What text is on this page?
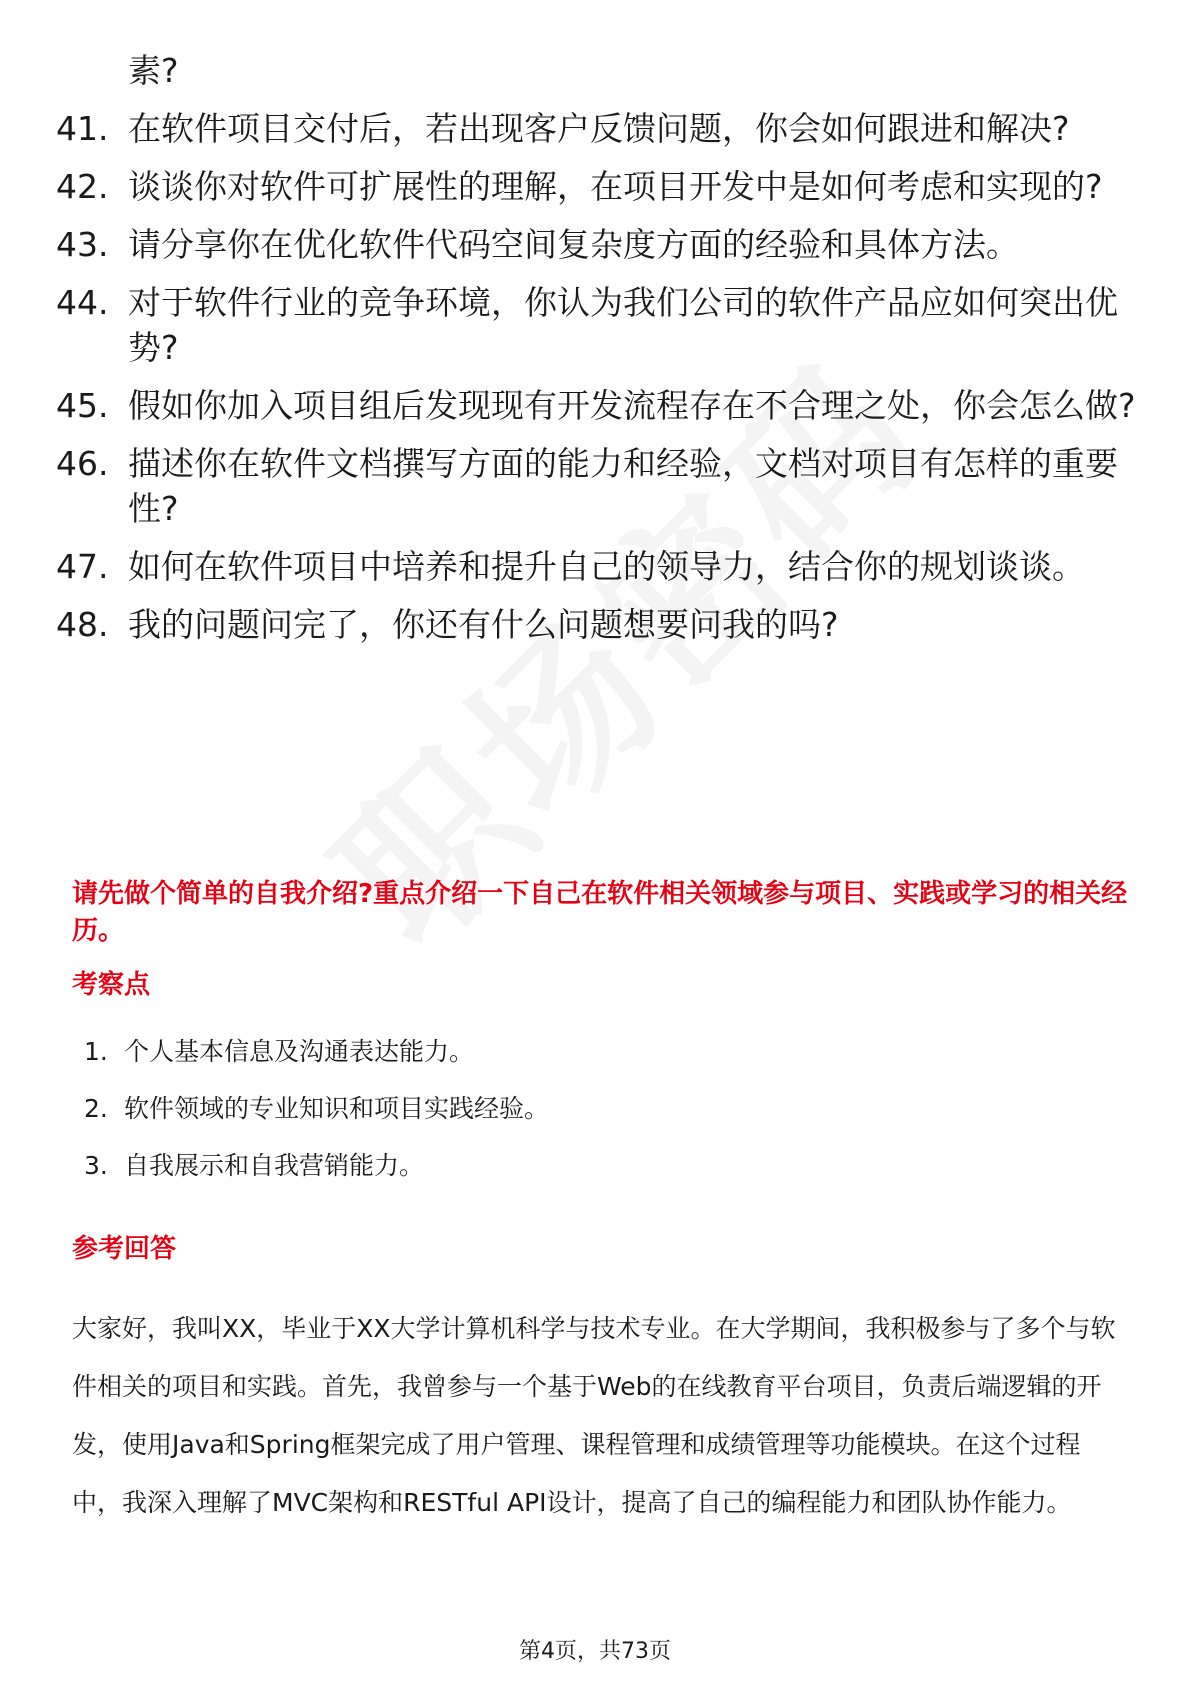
素?
41. 在软件项目交付后，若出现客户反馈问题，你会如何跟进和解决?
42. 谈谈你对软件可扩展性的理解，在项目开发中是如何考虑和实现的?
43. 请分享你在优化软件代码空间复杂度方面的经验和具体方法。
44. 对于软件行业的竞争环境，你认为我们公司的软件产品应如何突出优势?
45. 假如你加入项目组后发现现有开发流程存在不合理之处，你会怎么做?
46. 描述你在软件文档撰写方面的能力和经验，文档对项目有怎样的重要性?
47. 如何在软件项目中培养和提升自己的领导力，结合你的规划谈谈。
48. 我的问题问完了，你还有什么问题想要问我的吗?
请先做个简单的自我介绍?重点介绍一下自己在软件相关领域参与项目、实践或学习的相关经历。
考察点
1. 个人基本信息及沟通表达能力。
2. 软件领域的专业知识和项目实践经验。
3. 自我展示和自我营销能力。
参考回答
大家好，我叫XX，毕业于XX大学计算机科学与技术专业。在大学期间，我积极参与了多个与软件相关的项目和实践。首先，我曾参与一个基于Web的在线教育平台项目，负责后端逻辑的开发，使用Java和Spring框架完成了用户管理、课程管理和成绩管理等功能模块。在这个过程中，我深入理解了MVC架构和RESTful API设计，提高了自己的编程能力和团队协作能力。
第4页，共73页
